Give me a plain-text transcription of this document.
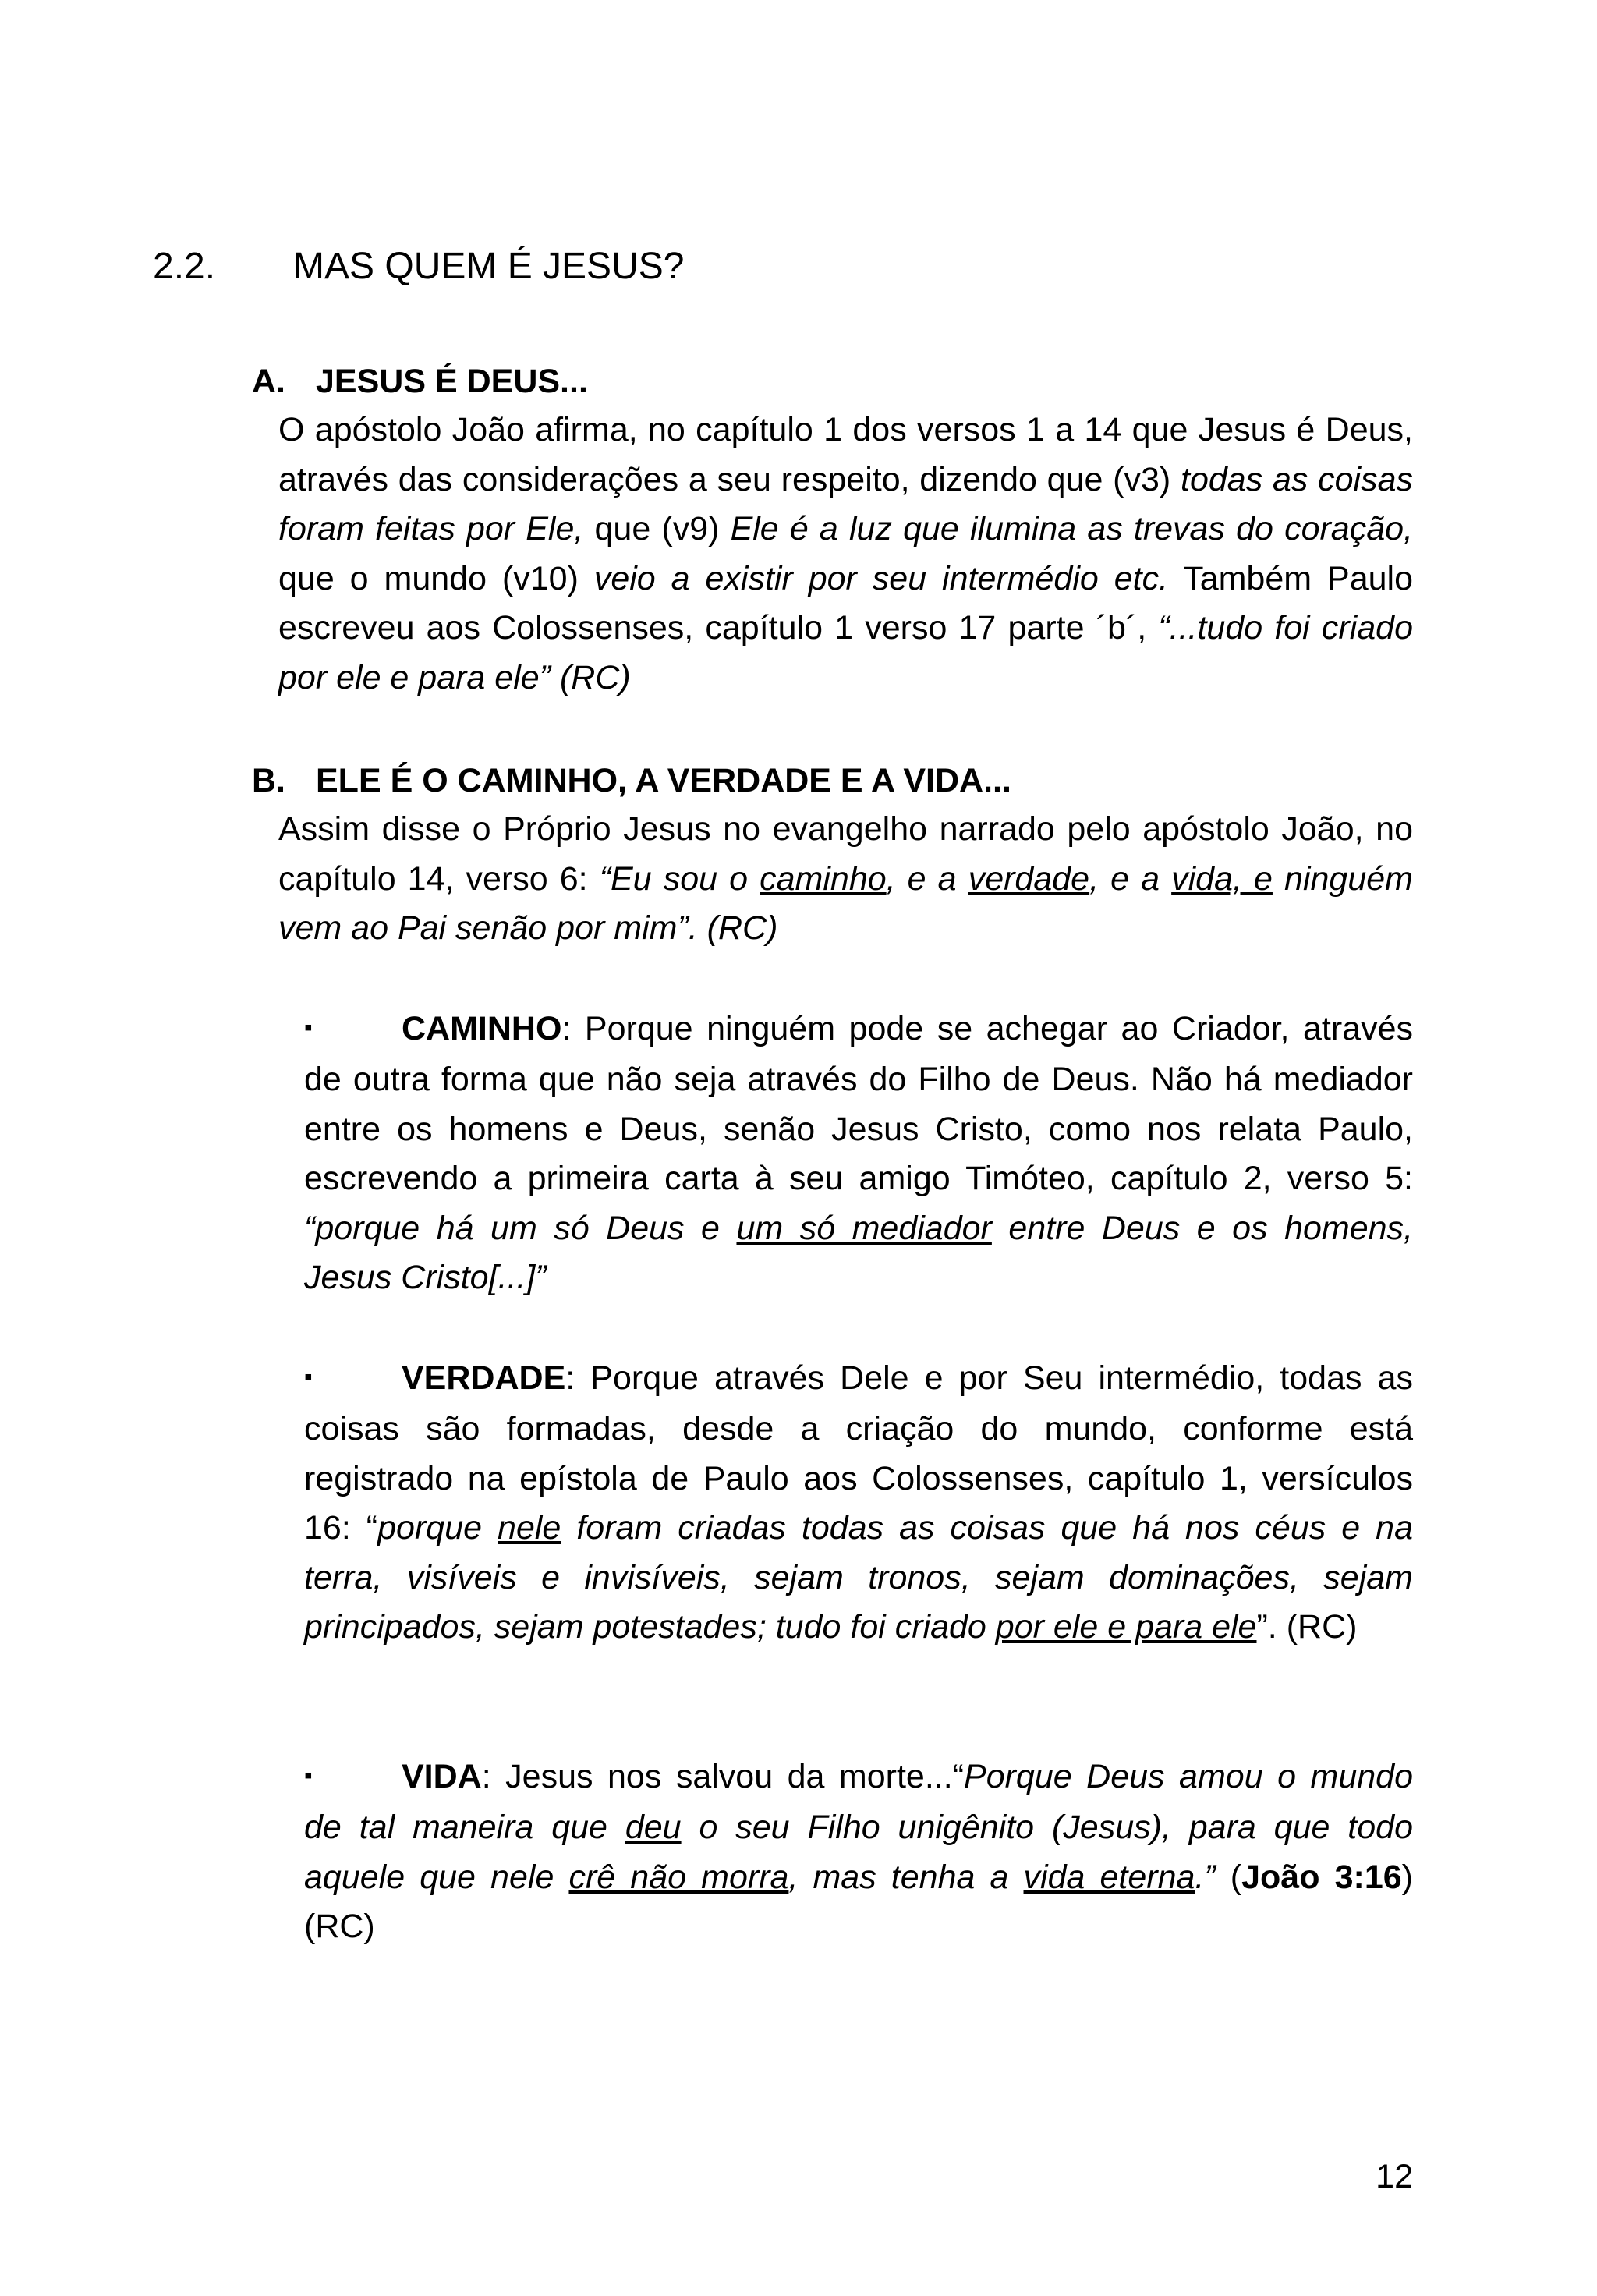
2.2. MAS QUEM É JESUS?
A. JESUS É DEUS...

O apóstolo João afirma, no capítulo 1 dos versos 1 a 14 que Jesus é Deus, através das considerações a seu respeito, dizendo que (v3) todas as coisas foram feitas por Ele, que (v9) Ele é a luz que ilumina as trevas do coração, que o mundo (v10) veio a existir por seu intermédio etc. Também Paulo escreveu aos Colossenses, capítulo 1 verso 17 parte ´b´, “...tudo foi criado por ele e para ele” (RC)

B. ELE É O CAMINHO, A VERDADE E A VIDA...

Assim disse o Próprio Jesus no evangelho narrado pelo apóstolo João, no capítulo 14, verso 6: “Eu sou o caminho, e a verdade, e a vida, e ninguém vem ao Pai senão por mim”. (RC)

▪	CAMINHO: Porque ninguém pode se achegar ao Criador, através de outra forma que não seja através do Filho de Deus. Não há mediador entre os homens e Deus, senão Jesus Cristo, como nos relata Paulo, escrevendo a primeira carta à seu amigo Timóteo, capítulo 2, verso 5: “porque há um só Deus e um só mediador entre Deus e os homens, Jesus Cristo[...]”

▪	VERDADE: Porque através Dele e por Seu intermédio, todas as coisas são formadas, desde a criação do mundo, conforme está registrado na epístola de Paulo aos Colossenses, capítulo 1, versículos 16: “porque nele foram criadas todas as coisas que há nos céus e na terra, visíveis e invisíveis, sejam tronos, sejam dominações, sejam principados, sejam potestades; tudo foi criado por ele e para ele”. (RC)

▪	VIDA: Jesus nos salvou da morte...“Porque Deus amou o mundo de tal maneira que deu o seu Filho unigênito (Jesus), para que todo aquele que nele crê não morra, mas tenha a vida eterna.” (João 3:16) (RC)

12
